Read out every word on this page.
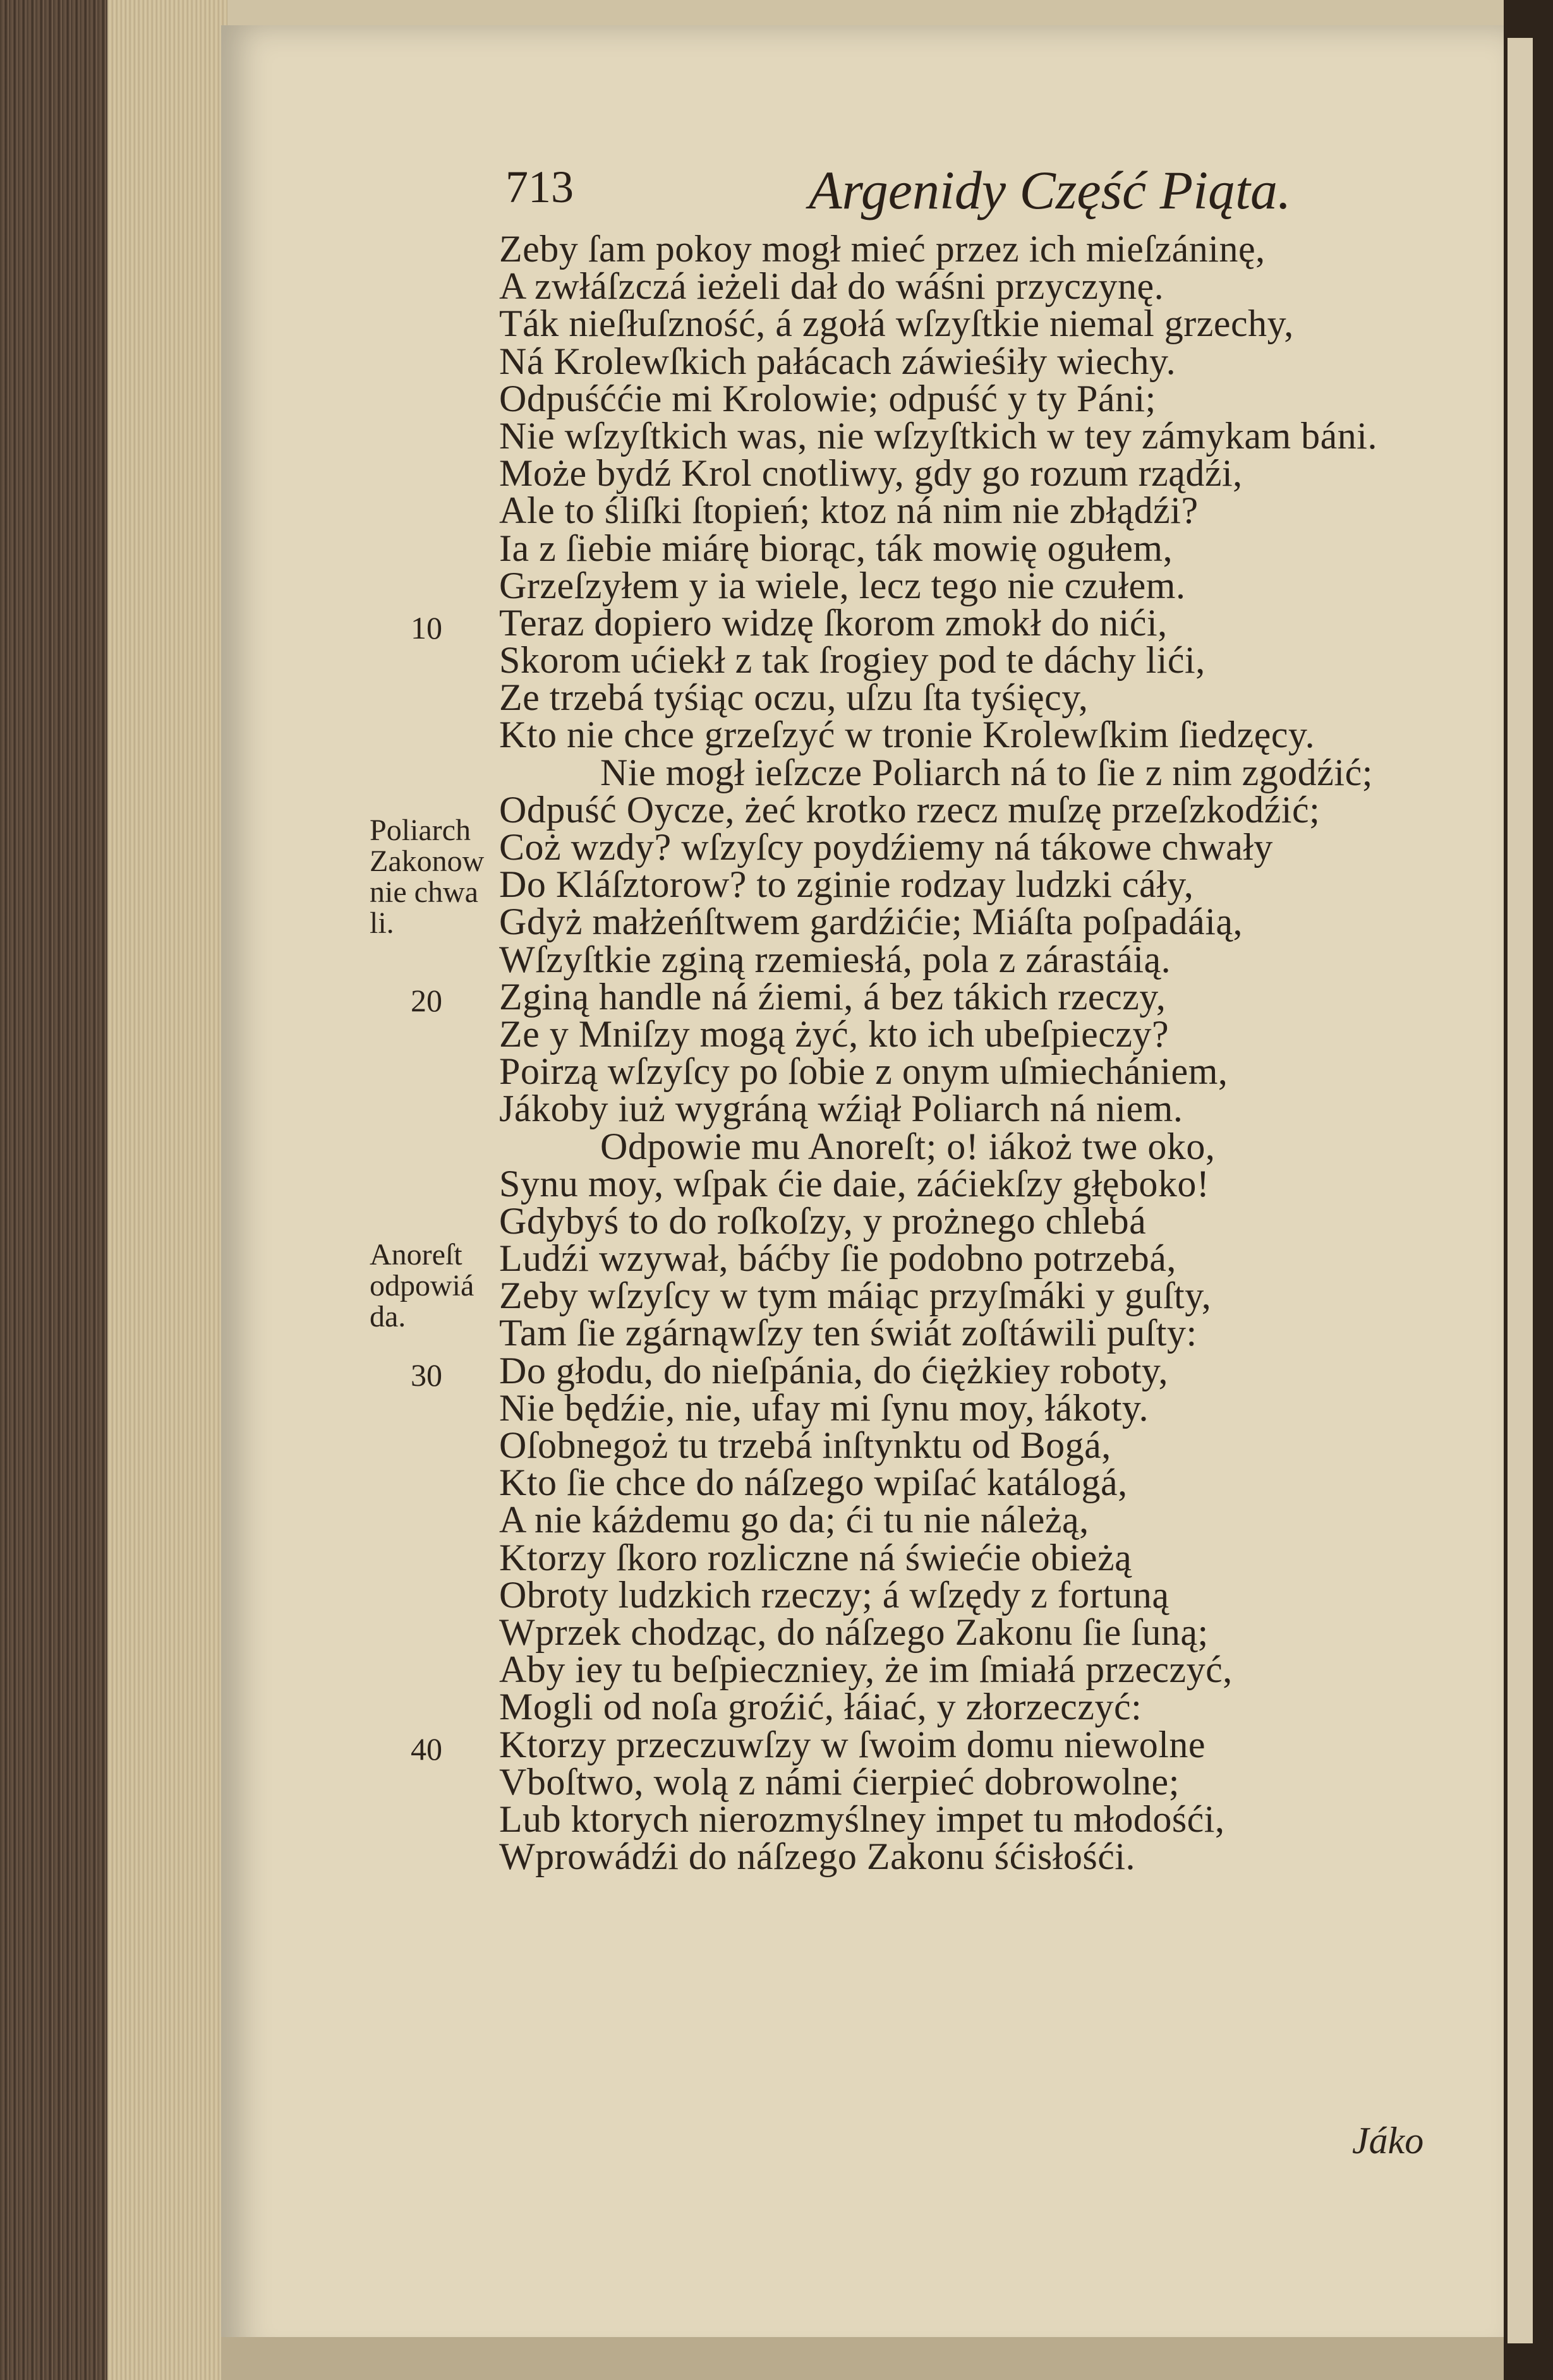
713	Argenidy Część Piąta.
Zeby ſam pokoy mogł mieć przez ich mieſzáninę,
A zwłáſzczá ieżeli dał do wáśni przyczynę.
Ták nieſłuſzność, á zgołá wſzyſtkie niemal grzechy,
Ná Krolewſkich pałácach záwieśiły wiechy.
Odpuśććie mi Krolowie; odpuść y ty Páni;
Nie wſzyſtkich was, nie wſzyſtkich w tey zámykam báni.
Może bydź Krol cnotliwy, gdy go rozum rządźi,
Ale to śliſki ſtopień; ktoz ná nim nie zbłądźi?
Ia z ſiebie miárę biorąc, ták mowię ogułem,
Grzeſzyłem y ia wiele, lecz tego nie czułem.
Teraz dopiero widzę ſkorom zmokł do nići,
Skorom ućiekł z tak ſrogiey pod te dáchy lići,
Ze trzebá tyśiąc oczu, uſzu ſta tyśięcy,
Kto nie chce grzeſzyć w tronie Krolewſkim ſiedzęcy.
Nie mogł ieſzcze Poliarch ná to ſie z nim zgodźić;
Odpuść Oycze, żeć krotko rzecz muſzę przeſzkodźić;
Coż wzdy? wſzyſcy poydźiemy ná tákowe chwały
Do Kláſztorow? to zginie rodzay ludzki cáły,
Gdyż małżeńſtwem gardźićie; Miáſta poſpadáią,
Wſzyſtkie zginą rzemiesłá, pola z zárastáią.
Zginą handle ná źiemi, á bez tákich rzeczy,
Ze y Mniſzy mogą żyć, kto ich ubeſpieczy?
Poirzą wſzyſcy po ſobie z onym uſmiechániem,
Jákoby iuż wygráną wźiął Poliarch ná niem.
Odpowie mu Anoreſt; o! iákoż twe oko,
Synu moy, wſpak ćie daie, záćiekſzy głęboko!
Gdybyś to do roſkoſzy, y prożnego chlebá
Ludźi wzywał, báćby ſie podobno potrzebá,
Zeby wſzyſcy w tym máiąc przyſmáki y guſty,
Tam ſie zgárnąwſzy ten świát zoſtáwili puſty:
Do głodu, do nieſpánia, do ćiężkiey roboty,
Nie będźie, nie, ufay mi ſynu moy, łákoty.
Oſobnegoż tu trzebá inſtynktu od Bogá,
Kto ſie chce do náſzego wpiſać katálogá,
A nie káżdemu go da; ći tu nie náleżą,
Ktorzy ſkoro rozliczne ná świećie obieżą
Obroty ludzkich rzeczy; á wſzędy z fortuną
Wprzek chodząc, do náſzego Zakonu ſie ſuną;
Aby iey tu beſpieczniey, że im ſmiałá przeczyć,
Mogli od noſa groźić, łáiać, y złorzeczyć:
Ktorzy przeczuwſzy w ſwoim domu niewolne
Vboſtwo, wolą z námi ćierpieć dobrowolne;
Lub ktorych nierozmyślney impet tu młodośći,
Wprowádźi do náſzego Zakonu śćisłośći.
10
20
30
40
Poliarch
Zakonow
nie chwa
li.
Anoreſt
odpowiá
da.
Jáko
